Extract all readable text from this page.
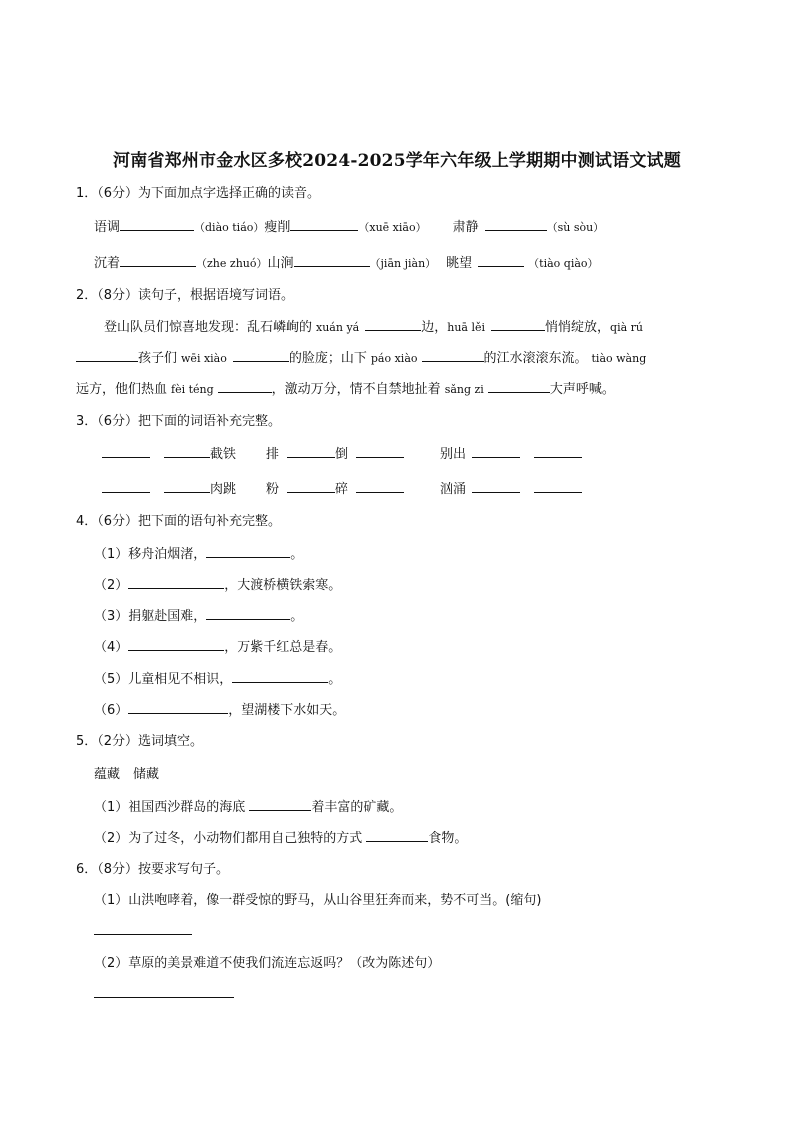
河南省郑州市金水区多校2024-2025学年六年级上学期期中测试语文试题
1．（6分）为下面加点字选择正确的读音。
语调	（diào tiáo）瘦削	（xuē xiāo） 肃静	（sù sòu）
沉着	（zhe zhuó）山涧	（jiān jiàn） 眺望	（tiào qiào）
2．（8分）读句子，根据语境写词语。
登山队员们惊喜地发现：乱石嶙峋的 xuán yá	边，huā lěi	悄悄绽放，qià rú
孩子们 wēi xiào	的脸庞；山下 páo xiào	的江水滚滚东流。 tiào wàng
远方，他们热血 fèi téng	，激动万分，情不自禁地扯着 sǎng zi	大声呼喊。
3．（6分）把下面的词语补充完整。
截铁 排	倒	别出
肉跳 粉	碎	汹涌
4．（6分）把下面的语句补充完整。
（1）移舟泊烟渚，	。
（2）	，大渡桥横铁索寒。
（3）捐躯赴国难，	。
（4）	，万紫千红总是春。
（5）儿童相见不相识，	。
（6）	，望湖楼下水如天。
5．（2分）选词填空。
蕴藏　储藏
（1）祖国西沙群岛的海底	着丰富的矿藏。
（2）为了过冬，小动物们都用自己独特的方式	食物。
6．（8分）按要求写句子。
（1）山洪咆哮着，像一群受惊的野马，从山谷里狂奔而来，势不可当。(缩句)
（2）草原的美景难道不使我们流连忘返吗？（改为陈述句）
